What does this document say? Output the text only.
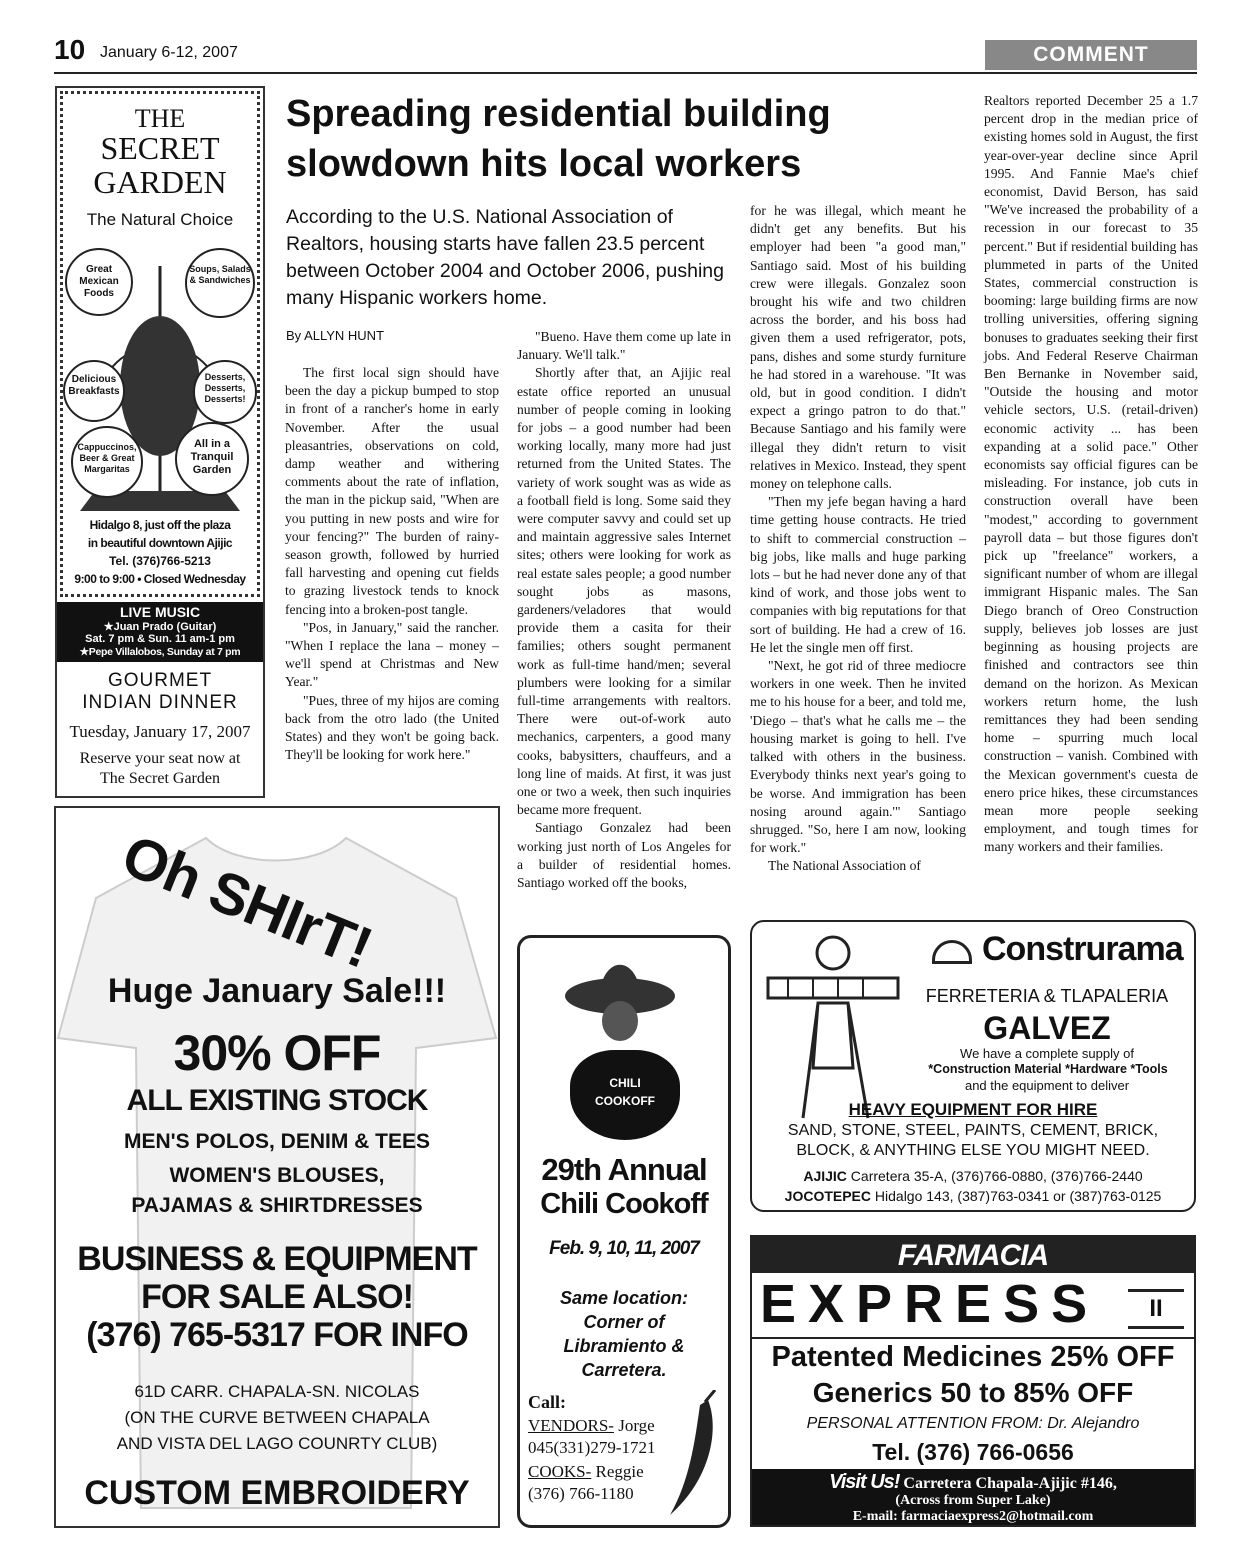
10 January 6-12, 2007	COMMENT
THE
SECRET
GARDEN
The Natural Choice
Great Mexican Foods
Soups, Salads & Sandwiches
Delicious Breakfasts
Desserts, Desserts, Desserts!
Cappuccinos, Beer & Great Margaritas
All in a Tranquil Garden
Hidalgo 8, just off the plaza
in beautiful downtown Ajijic
Tel. (376)766-5213
9:00 to 9:00 • Closed Wednesday
LIVE MUSIC
★Juan Prado (Guitar)
Sat. 7 pm & Sun. 11 am-1 pm
★Pepe Villalobos, Sunday at 7 pm
GOURMET
INDIAN DINNER
Tuesday, January 17, 2007
Reserve your seat now at
The Secret Garden
Spreading residential building
slowdown hits local workers
According to the U.S. National Association of Realtors, housing starts have fallen 23.5 percent between October 2004 and October 2006, pushing many Hispanic workers home.
By ALLYN HUNT

The first local sign should have been the day a pickup bumped to stop in front of a rancher's home in early November. After the usual pleasantries, observations on cold, damp weather and withering comments about the rate of inflation, the man in the pickup said, "When are you putting in new posts and wire for your fencing?" The burden of rainy-season growth, followed by hurried fall harvesting and opening cut fields to grazing livestock tends to knock fencing into a broken-post tangle.

"Pos, in January," said the rancher. "When I replace the lana – money – we'll spend at Christmas and New Year."

"Pues, three of my hijos are coming back from the otro lado (the United States) and they won't be going back. They'll be looking for work here."

"Bueno. Have them come up late in January. We'll talk."

Shortly after that, an Ajijic real estate office reported an unusual number of people coming in looking for jobs – a good number had been working locally, many more had just returned from the United States. The variety of work sought was as wide as a football field is long. Some said they were computer savvy and could set up and maintain aggressive sales Internet sites; others were looking for work as real estate sales people; a good number sought jobs as masons, gardeners/veladores that would provide them a casita for their families; others sought permanent work as full-time hand/men; several plumbers were looking for a similar full-time arrangements with realtors. There were out-of-work auto mechanics, carpenters, a good many cooks, babysitters, chauffeurs, and a long line of maids. At first, it was just one or two a week, then such inquiries became more frequent.

Santiago Gonzalez had been working just north of Los Angeles for a builder of residential homes. Santiago worked off the books,

for he was illegal, which meant he didn't get any benefits. But his employer had been "a good man," Santiago said. Most of his building crew were illegals. Gonzalez soon brought his wife and two children across the border, and his boss had given them a used refrigerator, pots, pans, dishes and some sturdy furniture he had stored in a warehouse. "It was old, but in good condition. I didn't expect a gringo patron to do that." Because Santiago and his family were illegal they didn't return to visit relatives in Mexico. Instead, they spent money on telephone calls.

"Then my jefe began having a hard time getting house contracts. He tried to shift to commercial construction – big jobs, like malls and huge parking lots – but he had never done any of that kind of work, and those jobs went to companies with big reputations for that sort of building. He had a crew of 16. He let the single men off first.

"Next, he got rid of three mediocre workers in one week. Then he invited me to his house for a beer, and told me, 'Diego – that's what he calls me – the housing market is going to hell. I've talked with others in the business. Everybody thinks next year's going to be worse. And immigration has been nosing around again.'" Santiago shrugged. "So, here I am now, looking for work."

The National Association of

Realtors reported December 25 a 1.7 percent drop in the median price of existing homes sold in August, the first year-over-year decline since April 1995. And Fannie Mae's chief economist, David Berson, has said "We've increased the probability of a recession in our forecast to 35 percent." But if residential building has plummeted in parts of the United States, commercial construction is booming: large building firms are now trolling universities, offering signing bonuses to graduates seeking their first jobs. And Federal Reserve Chairman Ben Bernanke in November said, "Outside the housing and motor vehicle sectors, U.S. (retail-driven) economic activity ... has been expanding at a solid pace." Other economists say official figures can be misleading. For instance, job cuts in construction overall have been "modest," according to government payroll data – but those figures don't pick up "freelance" workers, a significant number of whom are illegal immigrant Hispanic males. The San Diego branch of Oreo Construction supply, believes job losses are just beginning as housing projects are finished and contractors see thin demand on the horizon. As Mexican workers return home, the lush remittances they had been sending home – spurring much local construction – vanish. Combined with the Mexican government's cuesta de enero price hikes, these circumstances mean more people seeking employment, and tough times for many workers and their families.

Oh SHIrT!
Huge January Sale!!!
30% OFF
ALL EXISTING STOCK
MEN'S POLOS, DENIM & TEES
WOMEN'S BLOUSES,
PAJAMAS & SHIRTDRESSES
BUSINESS & EQUIPMENT
FOR SALE ALSO!
(376) 765-5317 FOR INFO
61D CARR. CHAPALA-SN. NICOLAS
(ON THE CURVE BETWEEN CHAPALA
AND VISTA DEL LAGO COUNRTY CLUB)
CUSTOM EMBROIDERY
CHILI
COOKOFF
29th Annual
Chili Cookoff
Feb. 9, 10, 11, 2007
Same location:
Corner of
Libramiento &
Carretera.
Call:
VENDORS- Jorge
045(331)279-1721
COOKS- Reggie
(376) 766-1180
Construrama
FERRETERIA & TLAPALERIA
GALVEZ
We have a complete supply of
*Construction Material *Hardware *Tools
and the equipment to deliver
HEAVY EQUIPMENT FOR HIRE
SAND, STONE, STEEL, PAINTS, CEMENT, BRICK,
BLOCK, & ANYTHING ELSE YOU MIGHT NEED.
AJIJIC Carretera 35-A, (376)766-0880, (376)766-2440
JOCOTEPEC Hidalgo 143, (387)763-0341 or (387)763-0125
FARMACIA
EXPRESS	II
Patented Medicines 25% OFF
Generics 50 to 85% OFF
PERSONAL ATTENTION FROM: Dr. Alejandro
Tel. (376) 766-0656
Visit Us! Carretera Chapala-Ajijic #146,
(Across from Super Lake)
E-mail: farmaciaexpress2@hotmail.com
